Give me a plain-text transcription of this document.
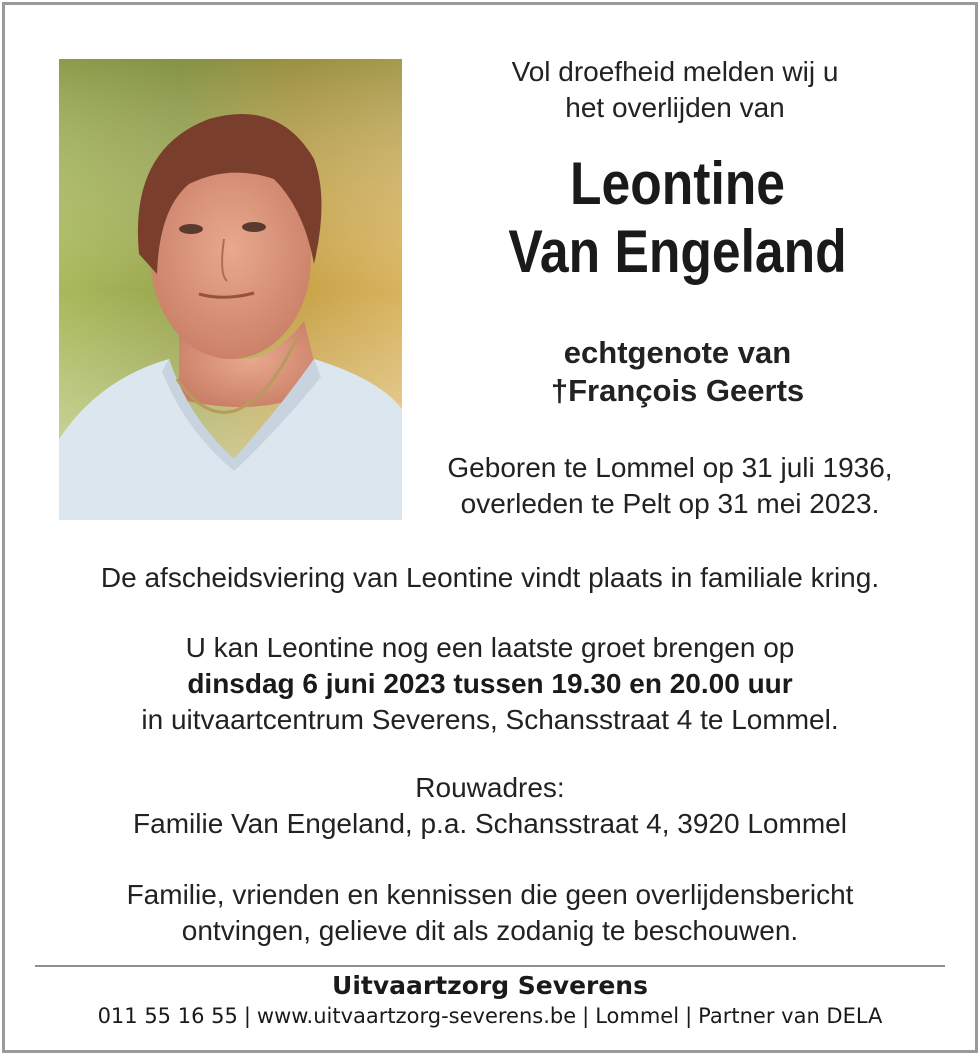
Vol droefheid melden wij u
het overlijden van
Leontine
Van Engeland
echtgenote van
†François Geerts
Geboren te Lommel op 31 juli 1936,
overleden te Pelt op 31 mei 2023.
De afscheidsviering van Leontine vindt plaats in familiale kring.
U kan Leontine nog een laatste groet brengen op
dinsdag 6 juni 2023 tussen 19.30 en 20.00 uur
in uitvaartcentrum Severens, Schansstraat 4 te Lommel.
Rouwadres:
Familie Van Engeland, p.a. Schansstraat 4, 3920 Lommel
Familie, vrienden en kennissen die geen overlijdensbericht
ontvingen, gelieve dit als zodanig te beschouwen.
Uitvaartzorg Severens
011 55 16 55 | www.uitvaartzorg-severens.be | Lommel | Partner van DELA
